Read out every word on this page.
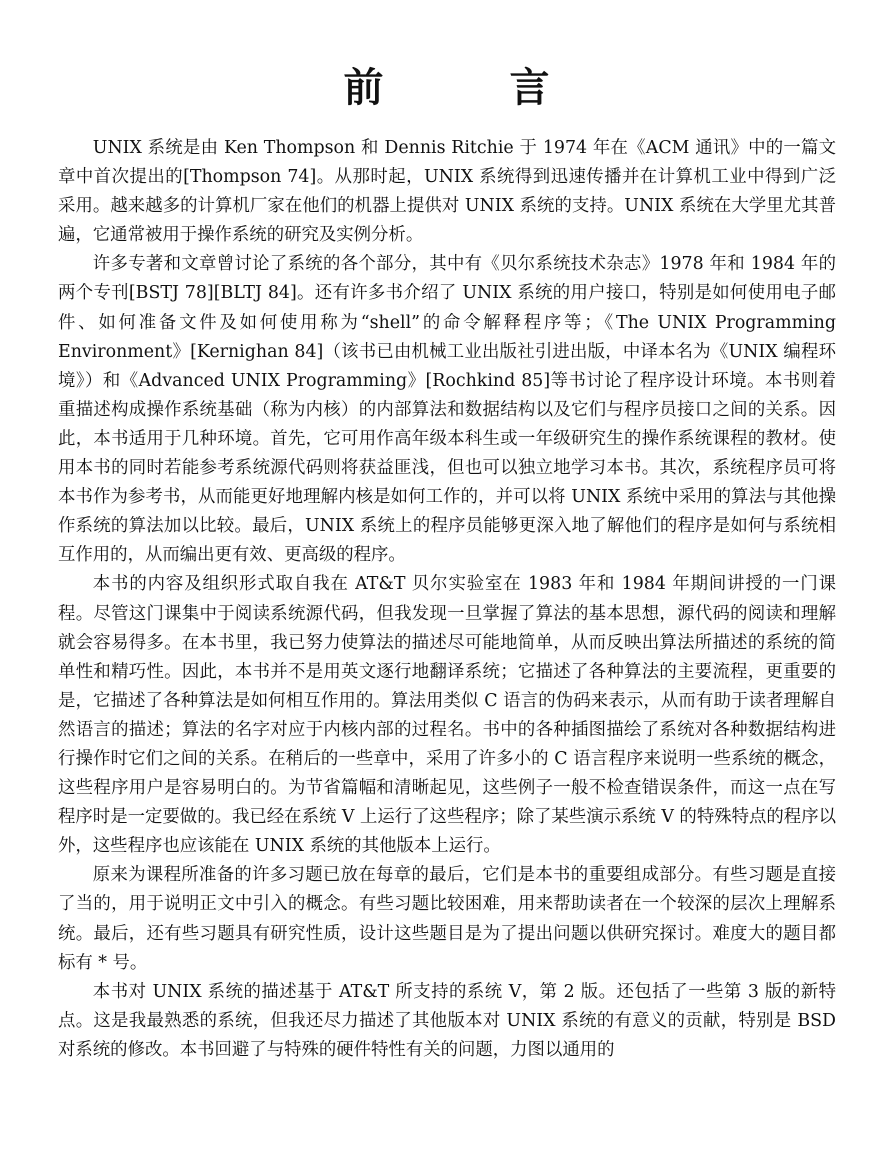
前 言

UNIX 系统是由 Ken Thompson 和 Dennis Ritchie 于 1974 年在《ACM 通讯》中的一篇文章中首次提出的[Thompson 74]。从那时起，UNIX 系统得到迅速传播并在计算机工业中得到广泛采用。越来越多的计算机厂家在他们的机器上提供对 UNIX 系统的支持。UNIX 系统在大学里尤其普遍，它通常被用于操作系统的研究及实例分析。

许多专著和文章曾讨论了系统的各个部分，其中有《贝尔系统技术杂志》1978 年和 1984 年的两个专刊[BSTJ 78][BLTJ 84]。还有许多书介绍了 UNIX 系统的用户接口，特别是如何使用电子邮件、如何准备文件及如何使用称为“shell”的命令解释程序等；《The UNIX Programming Environment》[Kernighan 84]（该书已由机械工业出版社引进出版，中译本名为《UNIX 编程环境》）和《Advanced UNIX Programming》[Rochkind 85]等书讨论了程序设计环境。本书则着重描述构成操作系统基础（称为内核）的内部算法和数据结构以及它们与程序员接口之间的关系。因此，本书适用于几种环境。首先，它可用作高年级本科生或一年级研究生的操作系统课程的教材。使用本书的同时若能参考系统源代码则将获益匪浅，但也可以独立地学习本书。其次，系统程序员可将本书作为参考书，从而能更好地理解内核是如何工作的，并可以将 UNIX 系统中采用的算法与其他操作系统的算法加以比较。最后，UNIX 系统上的程序员能够更深入地了解他们的程序是如何与系统相互作用的，从而编出更有效、更高级的程序。

本书的内容及组织形式取自我在 AT&T 贝尔实验室在 1983 年和 1984 年期间讲授的一门课程。尽管这门课集中于阅读系统源代码，但我发现一旦掌握了算法的基本思想，源代码的阅读和理解就会容易得多。在本书里，我已努力使算法的描述尽可能地简单，从而反映出算法所描述的系统的简单性和精巧性。因此，本书并不是用英文逐行地翻译系统；它描述了各种算法的主要流程，更重要的是，它描述了各种算法是如何相互作用的。算法用类似 C 语言的伪码来表示，从而有助于读者理解自然语言的描述；算法的名字对应于内核内部的过程名。书中的各种插图描绘了系统对各种数据结构进行操作时它们之间的关系。在稍后的一些章中，采用了许多小的 C 语言程序来说明一些系统的概念，这些程序用户是容易明白的。为节省篇幅和清晰起见，这些例子一般不检查错误条件，而这一点在写程序时是一定要做的。我已经在系统 V 上运行了这些程序；除了某些演示系统 V 的特殊特点的程序以外，这些程序也应该能在 UNIX 系统的其他版本上运行。

原来为课程所准备的许多习题已放在每章的最后，它们是本书的重要组成部分。有些习题是直接了当的，用于说明正文中引入的概念。有些习题比较困难，用来帮助读者在一个较深的层次上理解系统。最后，还有些习题具有研究性质，设计这些题目是为了提出问题以供研究探讨。难度大的题目都标有 * 号。

本书对 UNIX 系统的描述基于 AT&T 所支持的系统 V，第 2 版。还包括了一些第 3 版的新特点。这是我最熟悉的系统，但我还尽力描述了其他版本对 UNIX 系统的有意义的贡献，特别是 BSD 对系统的修改。本书回避了与特殊的硬件特性有关的问题，力图以通用的
